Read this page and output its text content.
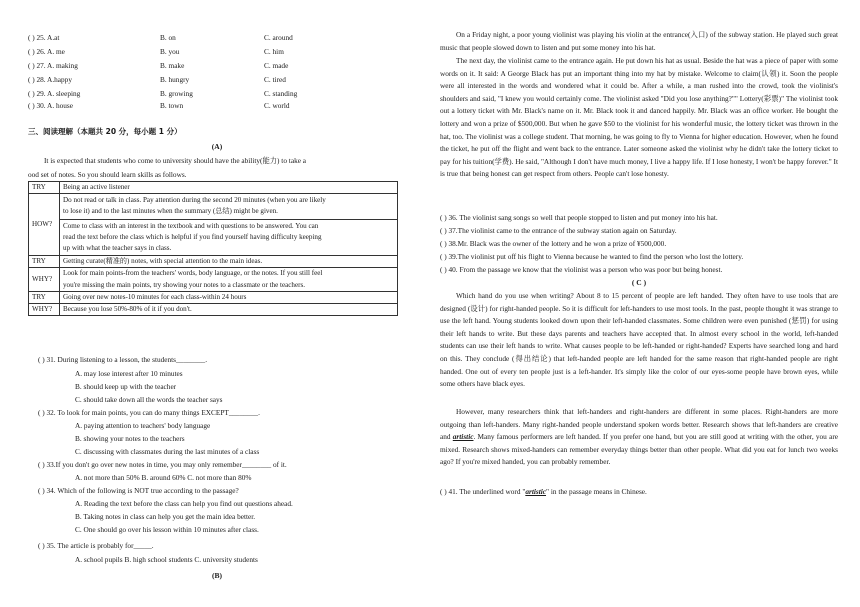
( ) 25. A.at	B. on	C. around
( ) 26. A. me	B. you	C. him
( ) 27. A. making	B. make	C. made
( ) 28. A.happy	B. hungry	C. tired
( ) 29. A. sleeping	B. growing	C. standing
( ) 30. A. house	B. town	C. world
三、阅读理解（本题共 20 分，每小题 1 分）
(A)
It is expected that students who come to university should have the ability(能力) to take a
ood set of notes. So you should learn skills as follows.
TRY	Being an active listener

HOW?	Do not read or talk in class. Pay attention during the second 20 minutes (when you are likely
to lose it) and to the last minutes when the summary (总结) might be given.
Come to class with an interest in the textbook and with questions to be answered. You can
read the text before the class which is helpful if you find yourself having difficulty keeping
up with what the teacher says in class.

TRY	Getting curate(精准的) notes, with special attention to the main ideas.

WHY?	Look for main points-from the teachers' words, body language, or the notes. If you still feel
you're missing the main points, try showing your notes to a classmate or the teachers.

TRY	Going over new notes-10 minutes for each class-within 24 hours

WHY?	Because you lose 50%-80% of it if you don't.
( ) 31. During listening to a lesson, the students________.
A. may lose interest after 10 minutes
B. should keep up with the teacher
C. should take down all the words the teacher says
( ) 32. To look for main points, you can do many things EXCEPT________.
A. paying attention to teachers' body language
B. showing your notes to the teachers
C. discussing with classmates during the last minutes of a class
( ) 33.If you don't go over new notes in time, you may only remember________ of it.
A. not more than 50% B. around 60% C. not more than 80%
( ) 34. Which of the following is NOT true according to the passage?
A. Reading the text before the class can help you find out questions ahead.
B. Taking notes in class can help you get the main idea better.
C. One should go over his lesson within 10 minutes after class.
( ) 35. The article is probably for_____.
A. school pupils B. high school students C. university students
(B)
On a Friday night, a poor young violinist was playing his violin at the entrance(入口) of the subway station. He played such great music that people slowed down to listen and put some money into his hat.
The next day, the violinist came to the entrance again. He put down his hat as usual. Beside the hat was a piece of paper with some words on it. It said: A George Black has put an important thing into my hat by mistake. Welcome to claim(认领) it. Soon the people were all interested in the words and wondered what it could be. After a while, a man rushed into the crowd, took the violinist's shoulders and said, "I knew you would certainly come. The violinist asked "Did you lose anything?"" Lottery(彩票)" The violinist took out a lottery ticket with Mr. Black's name on it. Mr. Black took it and danced happily. Mr. Black was an office worker. He bought the lottery and won a prize of $500,000. But when he gave $50 to the violinist for his wonderful music, the lottery ticket was thrown in the hat, too. The violinist was a college student. That morning, he was going to fly to Vienna for higher education. However, when he found the ticket, he put off the flight and went back to the entrance. Later someone asked the violinist why he didn't take the lottery ticket to pay for his tuition(学费). He said, "Although I don't have much money, I live a happy life. If I lose honesty, I won't be happy forever." It is true that being honest can get respect from others. People can't lose honesty.
( ) 36. The violinist sang songs so well that people stopped to listen and put money into his hat.
( ) 37.The violinist came to the entrance of the subway station again on Saturday.
( ) 38.Mr. Black was the owner of the lottery and he won a prize of ¥500,000.
( ) 39.The violinist put off his flight to Vienna because he wanted to find the person who lost the lottery.
( ) 40. From the passage we know that the violinist was a person who was poor but being honest.
( C )
Which hand do you use when writing? About 8 to 15 percent of people are left handed. They often have to use tools that are designed (设计) for right-handed people. So it is difficult for left-handers to use most tools. In the past, people thought it was strange to use the left hand. Young students looked down upon their left-handed classmates. Some children were even punished (惩罚) for using their left hands to write. But these days parents and teachers have accepted that. In almost every school in the world, left-handed students can use their left hands to write. What causes people to be left-handed or right-handed? Experts have searched long and hard on this. They conclude (得出结论) that left-handed people are left handed for the same reason that right-handed people are right handed. One out of every ten people just is a left-hander. It's simply like the color of our eyes-some people have brown eyes, while some others have black eyes.
However, many researchers think that left-handers and right-handers are different in some places. Right-handers are more outgoing than left-handers. Many right-handed people understand spoken words better. Research shows that left-handers are creative and artistic. Many famous performers are left handed. If you prefer one hand, but you are still good at writing with the other, you are mixed. Research shows mixed-handers can remember everyday things better than other people. What did you eat for lunch two weeks ago? If you're mixed handed, you can probably remember.
( ) 41. The underlined word "artistic" in the passage means in Chinese.
